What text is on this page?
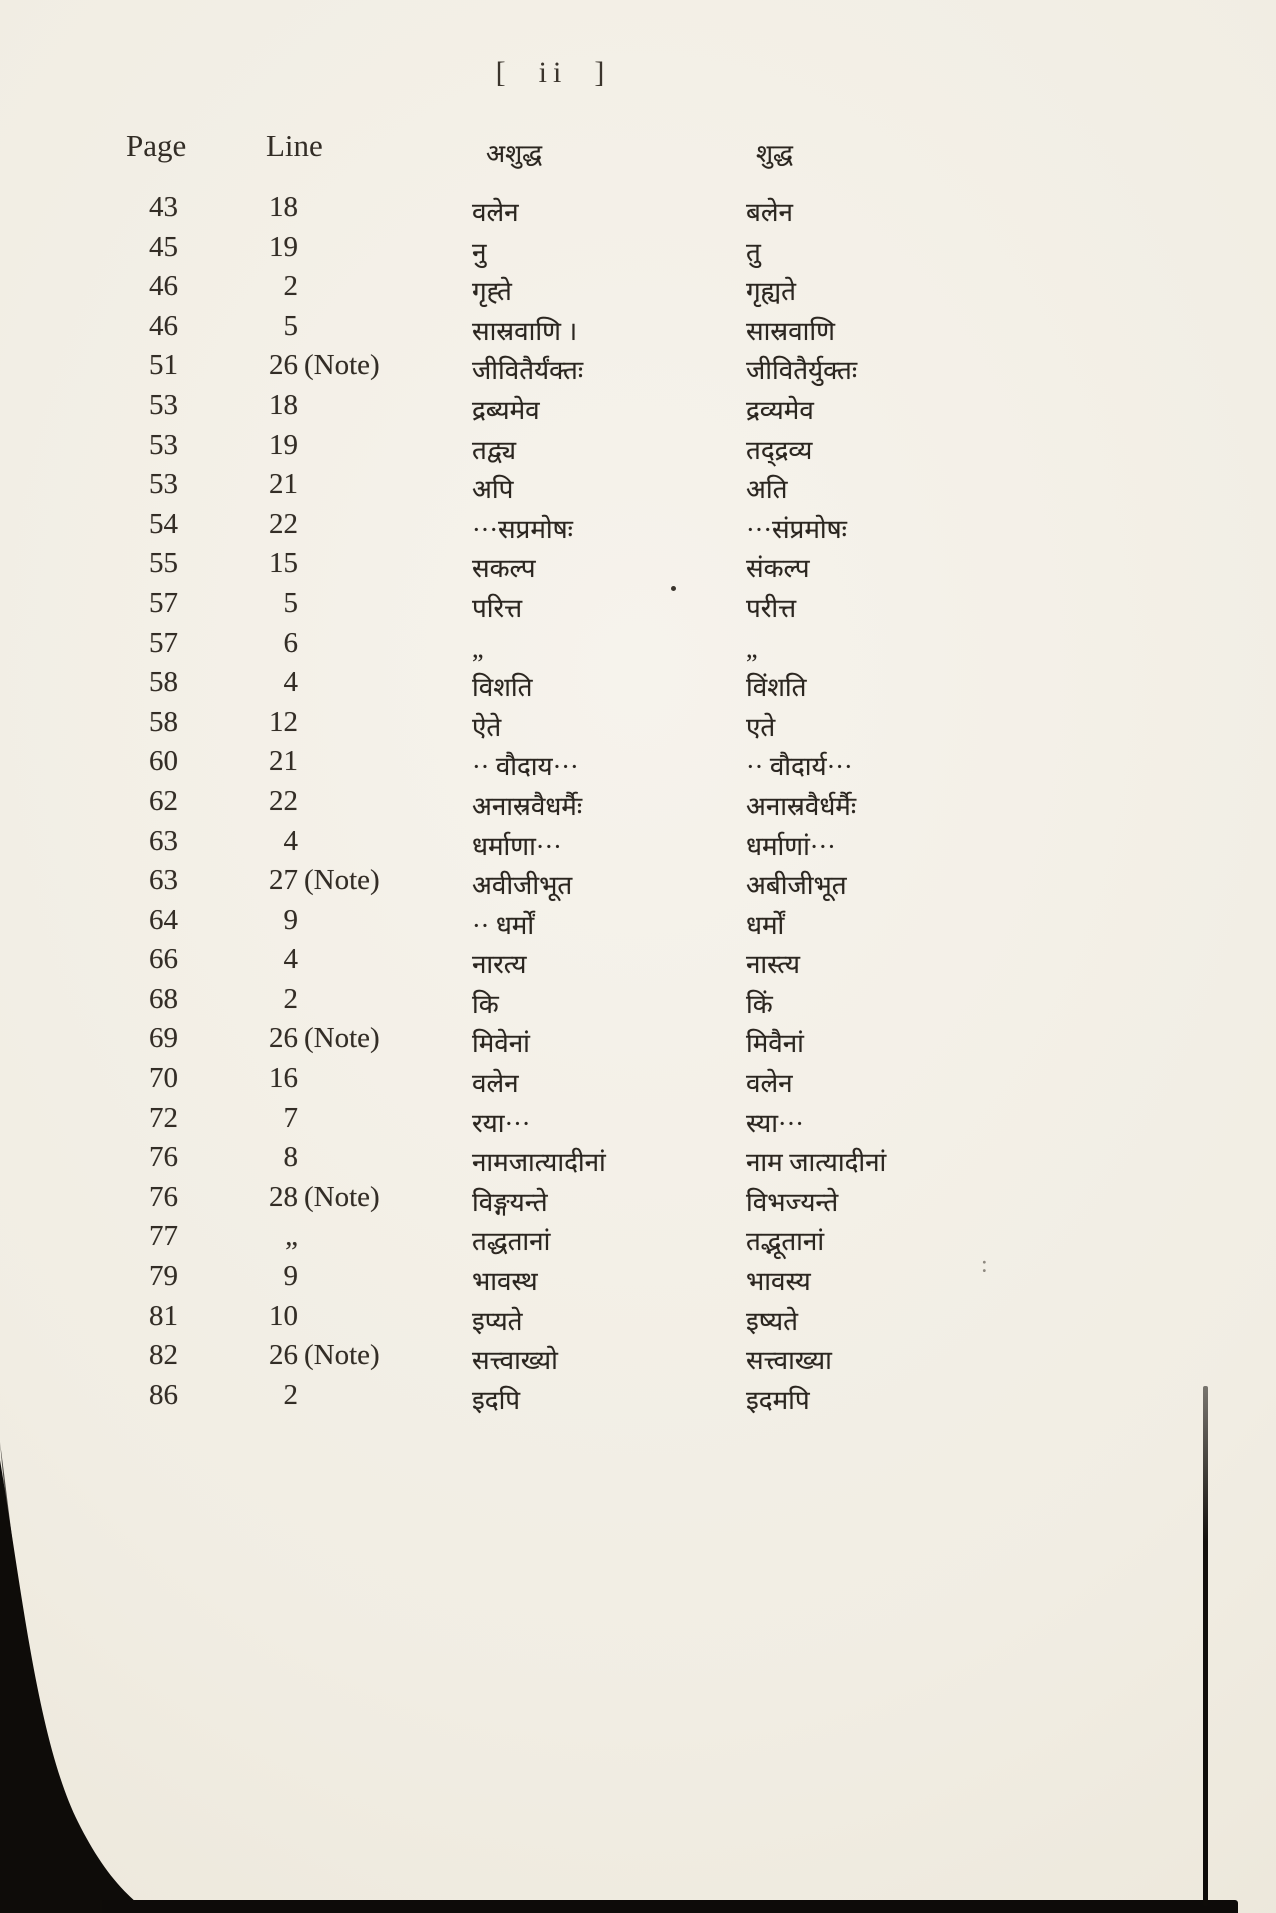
[  ii  ]
Page	Line	अशुद्ध	शुद्ध
43	18	वलेन	बलेन
45	19	नु	तु
46	2	गृह्ते	गृह्यते
46	5	सास्रवाणि ।	सास्रवाणि
51	26 (Note)	जीवितैर्यंक्तः	जीवितैर्युक्तः
53	18	द्रब्यमेव	द्रव्यमेव
53	19	तद्व्य	तद्द्रव्य
53	21	अपि	अति
54	22	···सप्रमोषः	···संप्रमोषः
55	15	सकल्प	संकल्प
57	5	परित्त	परीत्त
57	6	„	„
58	4	विशति	विंशति
58	12	ऐते	एते
60	21	·· वौदाय···	·· वौदार्य···
62	22	अनास्रवैधर्मैः	अनास्रवैर्धर्मैः
63	4	धर्माणा···	धर्माणां···
63	27 (Note)	अवीजीभूत	अबीजीभूत
64	9	·· धर्मों	धर्मों
66	4	नारत्य	नास्त्य
68	2	कि	किं
69	26 (Note)	मिवेनां	मिवैनां
70	16	वलेन	वलेन
72	7	रया···	स्या···
76	8	नामजात्यादीनां	नाम जात्यादीनां
76	28 (Note)	विङ्गयन्ते	विभज्यन्ते
77	„	तद्धतानां	तद्भूतानां
79	9	भावस्थ	भावस्य
81	10	इप्यते	इष्यते
82	26 (Note)	सत्त्वाख्यो	सत्त्वाख्या
86	2	इदपि	इदमपि
:
